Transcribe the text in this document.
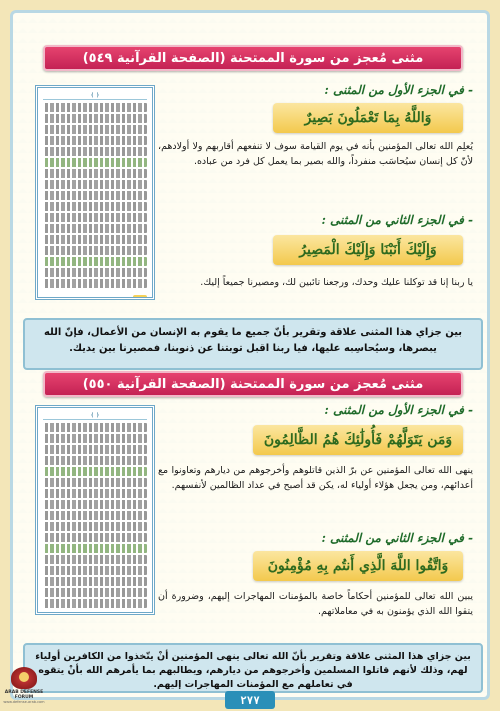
مثنى مُعجز من سورة الممتحنة (الصفحة القرآنية ٥٤٩)
﴿ ﴾	- في الجزء الأول من المثنى :
وَاللَّهُ بِمَا تَعْمَلُونَ بَصِيرٌ
يُعلِم الله تعالى المؤمنين بأنه في يوم القيامة سوف لا تنفعهم أقاربهم ولا أولادهم، لأنّ كل إنسان سيُحاسَب منفرداً، والله بصير بما يعمل كل فرد من عباده.
- في الجزء الثاني من المثنى :
وَإِلَيْكَ أَنَبْنَا وَإِلَيْكَ الْمَصِيرُ
يا ربنا إنا قد توكلنا عليك وحدك، ورجعنا تائبين لك، ومصيرنا جميعاً إليك.
بين جزاي هذا المثنى علاقة وتقرير بأنّ جميع ما يقوم به الإنسان من الأعمال، فإنّ الله يبصرها، وسيُحاسِبه عليها، فيا ربنا اقبل توبتنا عن ذنوبنا، فمصيرنا بين يديك.
مثنى مُعجز من سورة الممتحنة (الصفحة القرآنية ٥٥٠)
﴿ ﴾	- في الجزء الأول من المثنى :
وَمَن يَتَوَلَّهُمْ فَأُولَٰئِكَ هُمُ الظَّالِمُونَ
ينهى الله تعالى المؤمنين عن برّ الذين قاتلوهم وأخرجوهم من ديارهم وتعاونوا مع أعدائهم، ومن يجعل هؤلاء أولياء له، يكن قد أصبح في عداد الظالمين لأنفسهم.
- في الجزء الثاني من المثنى :
وَاتَّقُوا اللَّهَ الَّذِي أَنتُم بِهِ مُؤْمِنُونَ
يبين الله تعالى للمؤمنين أحكاماً خاصة بالمؤمنات المهاجرات إليهم، وضرورة أن يتقوا الله الذي يؤمنون به في معاملاتهم.
بين جزاي هذا المثنى علاقة وتقرير بأنّ الله تعالى ينهى المؤمنين أنْ يتّخذوا من الكافرين أولياء لهم، وذلك لأنهم قاتلوا المسلمين وأخرجوهم من ديارهم، ويطالبهم بما يأمرهم الله بأنْ يتقوه في تعاملهم مع المؤمنات المهاجرات إليهم.
٢٧٧
ARAB DEFENSE FORUM
www.defense-arab.com
